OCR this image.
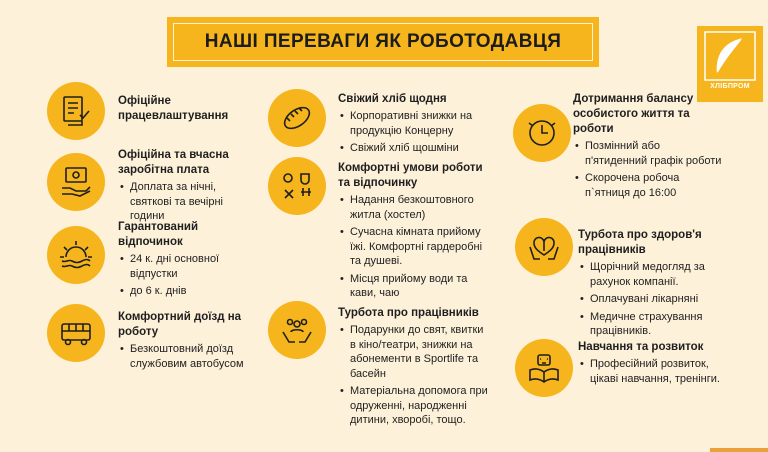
НАШІ ПЕРЕВАГИ ЯК РОБОТОДАВЦЯ
ХЛІБПРОМ
Офіційне працевлаштування
Офіційна та вчасна заробітна плата
• Доплата за нічні, святкові та вечірні години
Гарантований відпочинок
• 24 к. дні основної відпустки
• до 6 к. днів
Комфортний доїзд на роботу
• Безкоштовний доїзд службовим автобусом
Свіжий хліб щодня
• Корпоративні знижки на продукцію Концерну
• Свіжий хліб щошміни
Комфортні умови роботи та відпочинку
• Надання безкоштовного житла (хостел)
• Сучасна кімната прийому їжі. Комфортні гардеробні та душеві.
• Місця прийому води та кави, чаю
Турбота про працівників
• Подарунки до свят, квитки в кіно/театри, знижки на абонементи в Sportlife та басейн
• Матеріальна допомога при одруженні, народженні дитини, хворобі, тощо.
Дотримання балансу особистого життя та роботи
• Позмінний або п'ятиденний графік роботи
• Скорочена робоча п`ятниця до 16:00
Турбота про здоров'я працівників
• Щорічний медогляд за рахунок компанії.
• Оплачувані лікарняні
• Медичне страхування працівників.
Навчання та розвиток
• Професійний розвиток, цікаві навчання, тренінги.
